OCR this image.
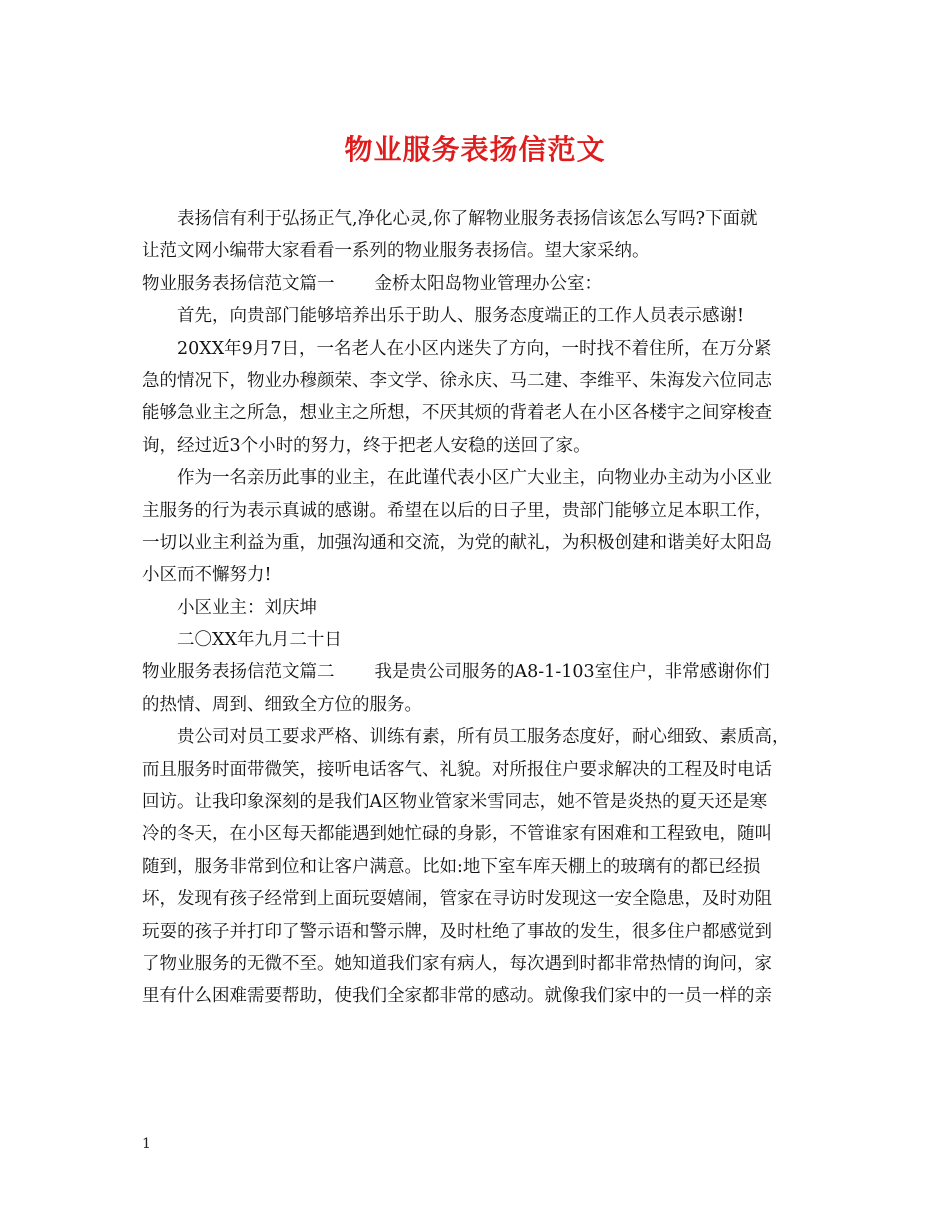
物业服务表扬信范文
表扬信有利于弘扬正气,净化心灵,你了解物业服务表扬信该怎么写吗?下面就
让范文网小编带大家看看一系列的物业服务表扬信。望大家采纳。
物业服务表扬信范文篇一 金桥太阳岛物业管理办公室：
首先，向贵部门能够培养出乐于助人、服务态度端正的工作人员表示感谢!
20XX年9月7日，一名老人在小区内迷失了方向，一时找不着住所，在万分紧
急的情况下，物业办穆颜荣、李文学、徐永庆、马二建、李维平、朱海发六位同志
能够急业主之所急，想业主之所想，不厌其烦的背着老人在小区各楼宇之间穿梭查
询，经过近3个小时的努力，终于把老人安稳的送回了家。
作为一名亲历此事的业主，在此谨代表小区广大业主，向物业办主动为小区业
主服务的行为表示真诚的感谢。希望在以后的日子里，贵部门能够立足本职工作，
一切以业主利益为重，加强沟通和交流，为党的献礼，为积极创建和谐美好太阳岛
小区而不懈努力!
小区业主：刘庆坤
二〇XX年九月二十日
物业服务表扬信范文篇二 我是贵公司服务的A8-1-103室住户，非常感谢你们
的热情、周到、细致全方位的服务。
贵公司对员工要求严格、训练有素，所有员工服务态度好，耐心细致、素质高，
而且服务时面带微笑，接听电话客气、礼貌。对所报住户要求解决的工程及时电话
回访。让我印象深刻的是我们A区物业管家米雪同志，她不管是炎热的夏天还是寒
冷的冬天，在小区每天都能遇到她忙碌的身影，不管谁家有困难和工程致电，随叫
随到，服务非常到位和让客户满意。比如:地下室车库天棚上的玻璃有的都已经损
坏，发现有孩子经常到上面玩耍嬉闹，管家在寻访时发现这一安全隐患，及时劝阻
玩耍的孩子并打印了警示语和警示牌，及时杜绝了事故的发生，很多住户都感觉到
了物业服务的无微不至。她知道我们家有病人，每次遇到时都非常热情的询问，家
里有什么困难需要帮助，使我们全家都非常的感动。就像我们家中的一员一样的亲
1
